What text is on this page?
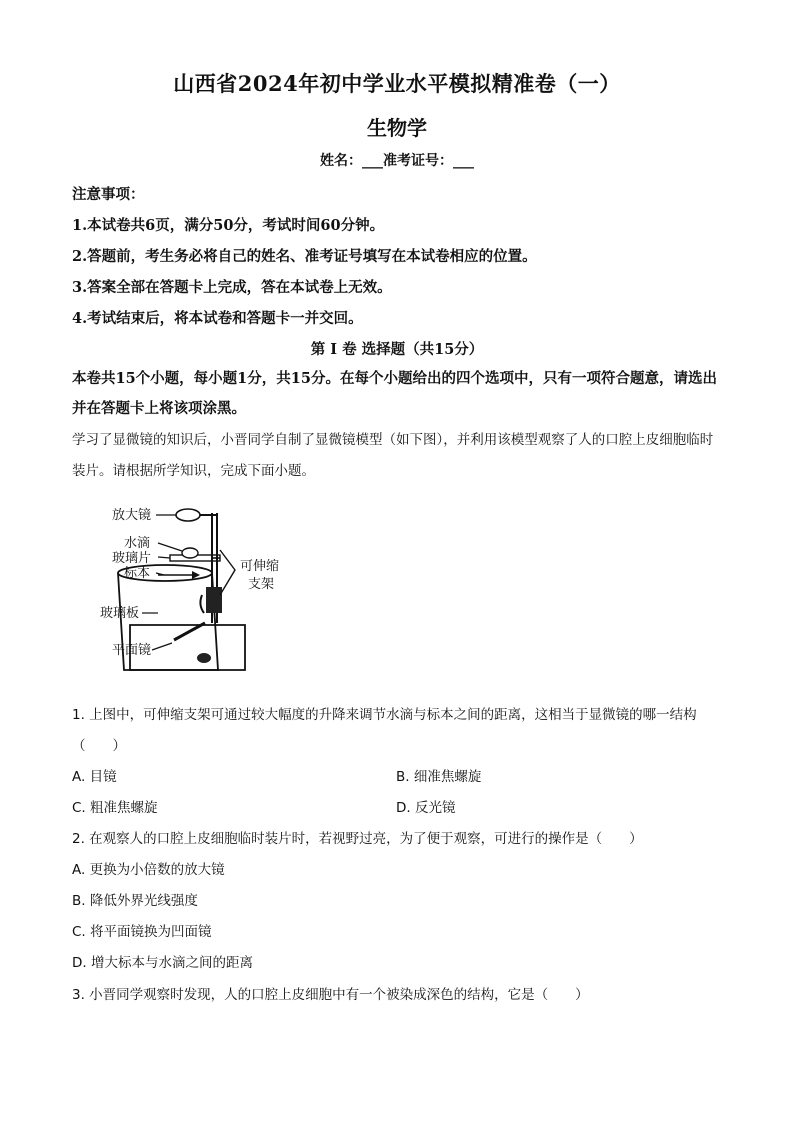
山西省2024年初中学业水平模拟精准卷（一）
生物学
姓名：___准考证号：___
注意事项：
1.本试卷共6页，满分50分，考试时间60分钟。
2.答题前，考生务必将自己的姓名、准考证号填写在本试卷相应的位置。
3.答案全部在答题卡上完成，答在本试卷上无效。
4.考试结束后，将本试卷和答题卡一并交回。
第 I 卷 选择题（共15分）
本卷共15个小题，每小题1分，共15分。在每个小题给出的四个选项中，只有一项符合题意，请选出并在答题卡上将该项涂黑。
学习了显微镜的知识后，小晋同学自制了显微镜模型（如下图），并利用该模型观察了人的口腔上皮细胞临时装片。请根据所学知识，完成下面小题。
放大镜
水滴
玻璃片
标本
玻璃板
平面镜
可伸缩
支架
1. 上图中，可伸缩支架可通过较大幅度的升降来调节水滴与标本之间的距离，这相当于显微镜的哪一结构
（　　）
A. 目镜	B. 细准焦螺旋
C. 粗准焦螺旋	D. 反光镜
2. 在观察人的口腔上皮细胞临时装片时，若视野过亮，为了便于观察，可进行的操作是（　　）
A. 更换为小倍数的放大镜
B. 降低外界光线强度
C. 将平面镜换为凹面镜
D. 增大标本与水滴之间的距离
3. 小晋同学观察时发现，人的口腔上皮细胞中有一个被染成深色的结构，它是（　　）
